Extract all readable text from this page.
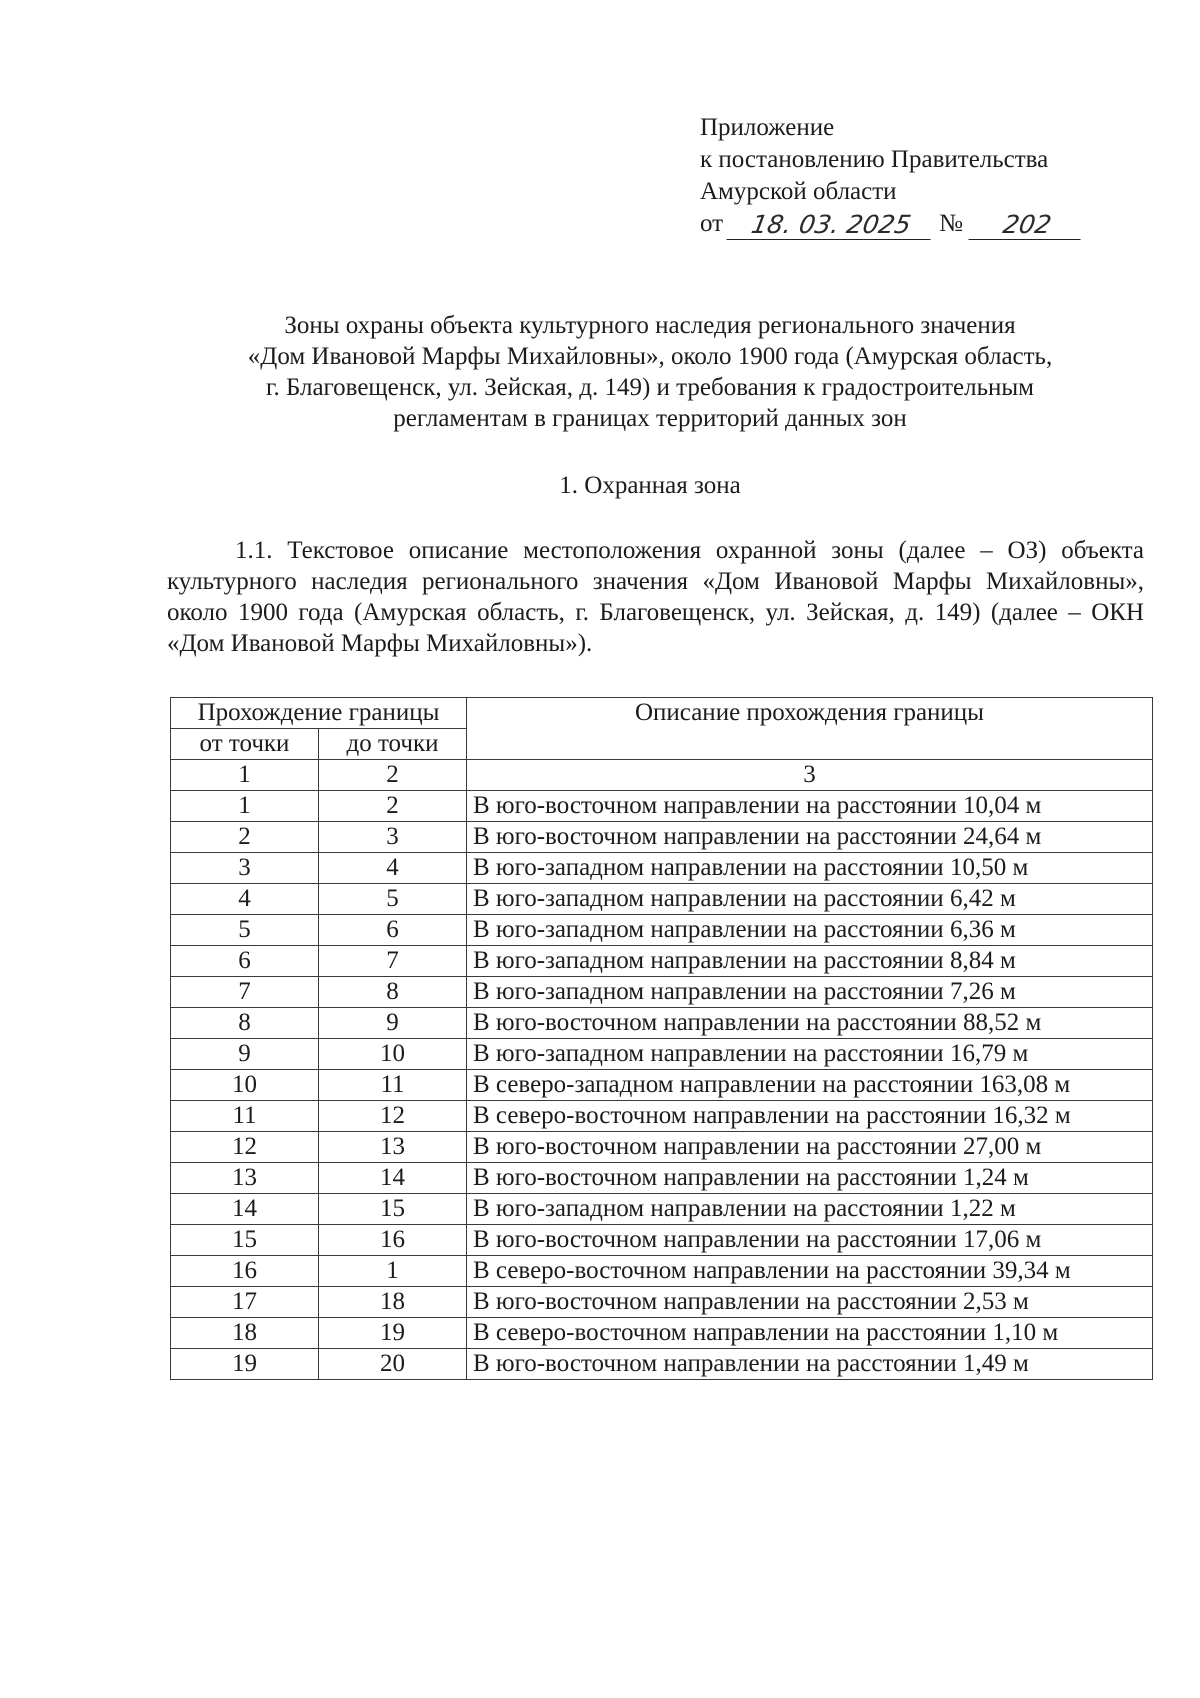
Приложение
к постановлению Правительства
Амурской области
от	18. 03. 2025	№	202
Зоны охраны объекта культурного наследия регионального значения
«Дом Ивановой Марфы Михайловны», около 1900 года (Амурская область,
г. Благовещенск, ул. Зейская, д. 149) и требования к градостроительным
регламентам в границах территорий данных зон
1. Охранная зона
1.1. Текстовое описание местоположения охранной зоны (далее – ОЗ) объекта культурного наследия регионального значения «Дом Ивановой Марфы Михайловны», около 1900 года (Амурская область, г. Благовещенск, ул. Зейская, д. 149) (далее – ОКН «Дом Ивановой Марфы Михайловны»).
Прохождение границы		Описание прохождения границы
от точки	до точки	
1	2	3
1	2	В юго-восточном направлении на расстоянии 10,04 м
2	3	В юго-восточном направлении на расстоянии 24,64 м
3	4	В юго-западном направлении на расстоянии 10,50 м
4	5	В юго-западном направлении на расстоянии 6,42 м
5	6	В юго-западном направлении на расстоянии 6,36 м
6	7	В юго-западном направлении на расстоянии 8,84 м
7	8	В юго-западном направлении на расстоянии 7,26 м
8	9	В юго-восточном направлении на расстоянии 88,52 м
9	10	В юго-западном направлении на расстоянии 16,79 м
10	11	В северо-западном направлении на расстоянии 163,08 м
11	12	В северо-восточном направлении на расстоянии 16,32 м
12	13	В юго-восточном направлении на расстоянии 27,00 м
13	14	В юго-восточном направлении на расстоянии 1,24 м
14	15	В юго-западном направлении на расстоянии 1,22 м
15	16	В юго-восточном направлении на расстоянии 17,06 м
16	1	В северо-восточном направлении на расстоянии 39,34 м
17	18	В юго-восточном направлении на расстоянии 2,53 м
18	19	В северо-восточном направлении на расстоянии 1,10 м
19	20	В юго-восточном направлении на расстоянии 1,49 м
